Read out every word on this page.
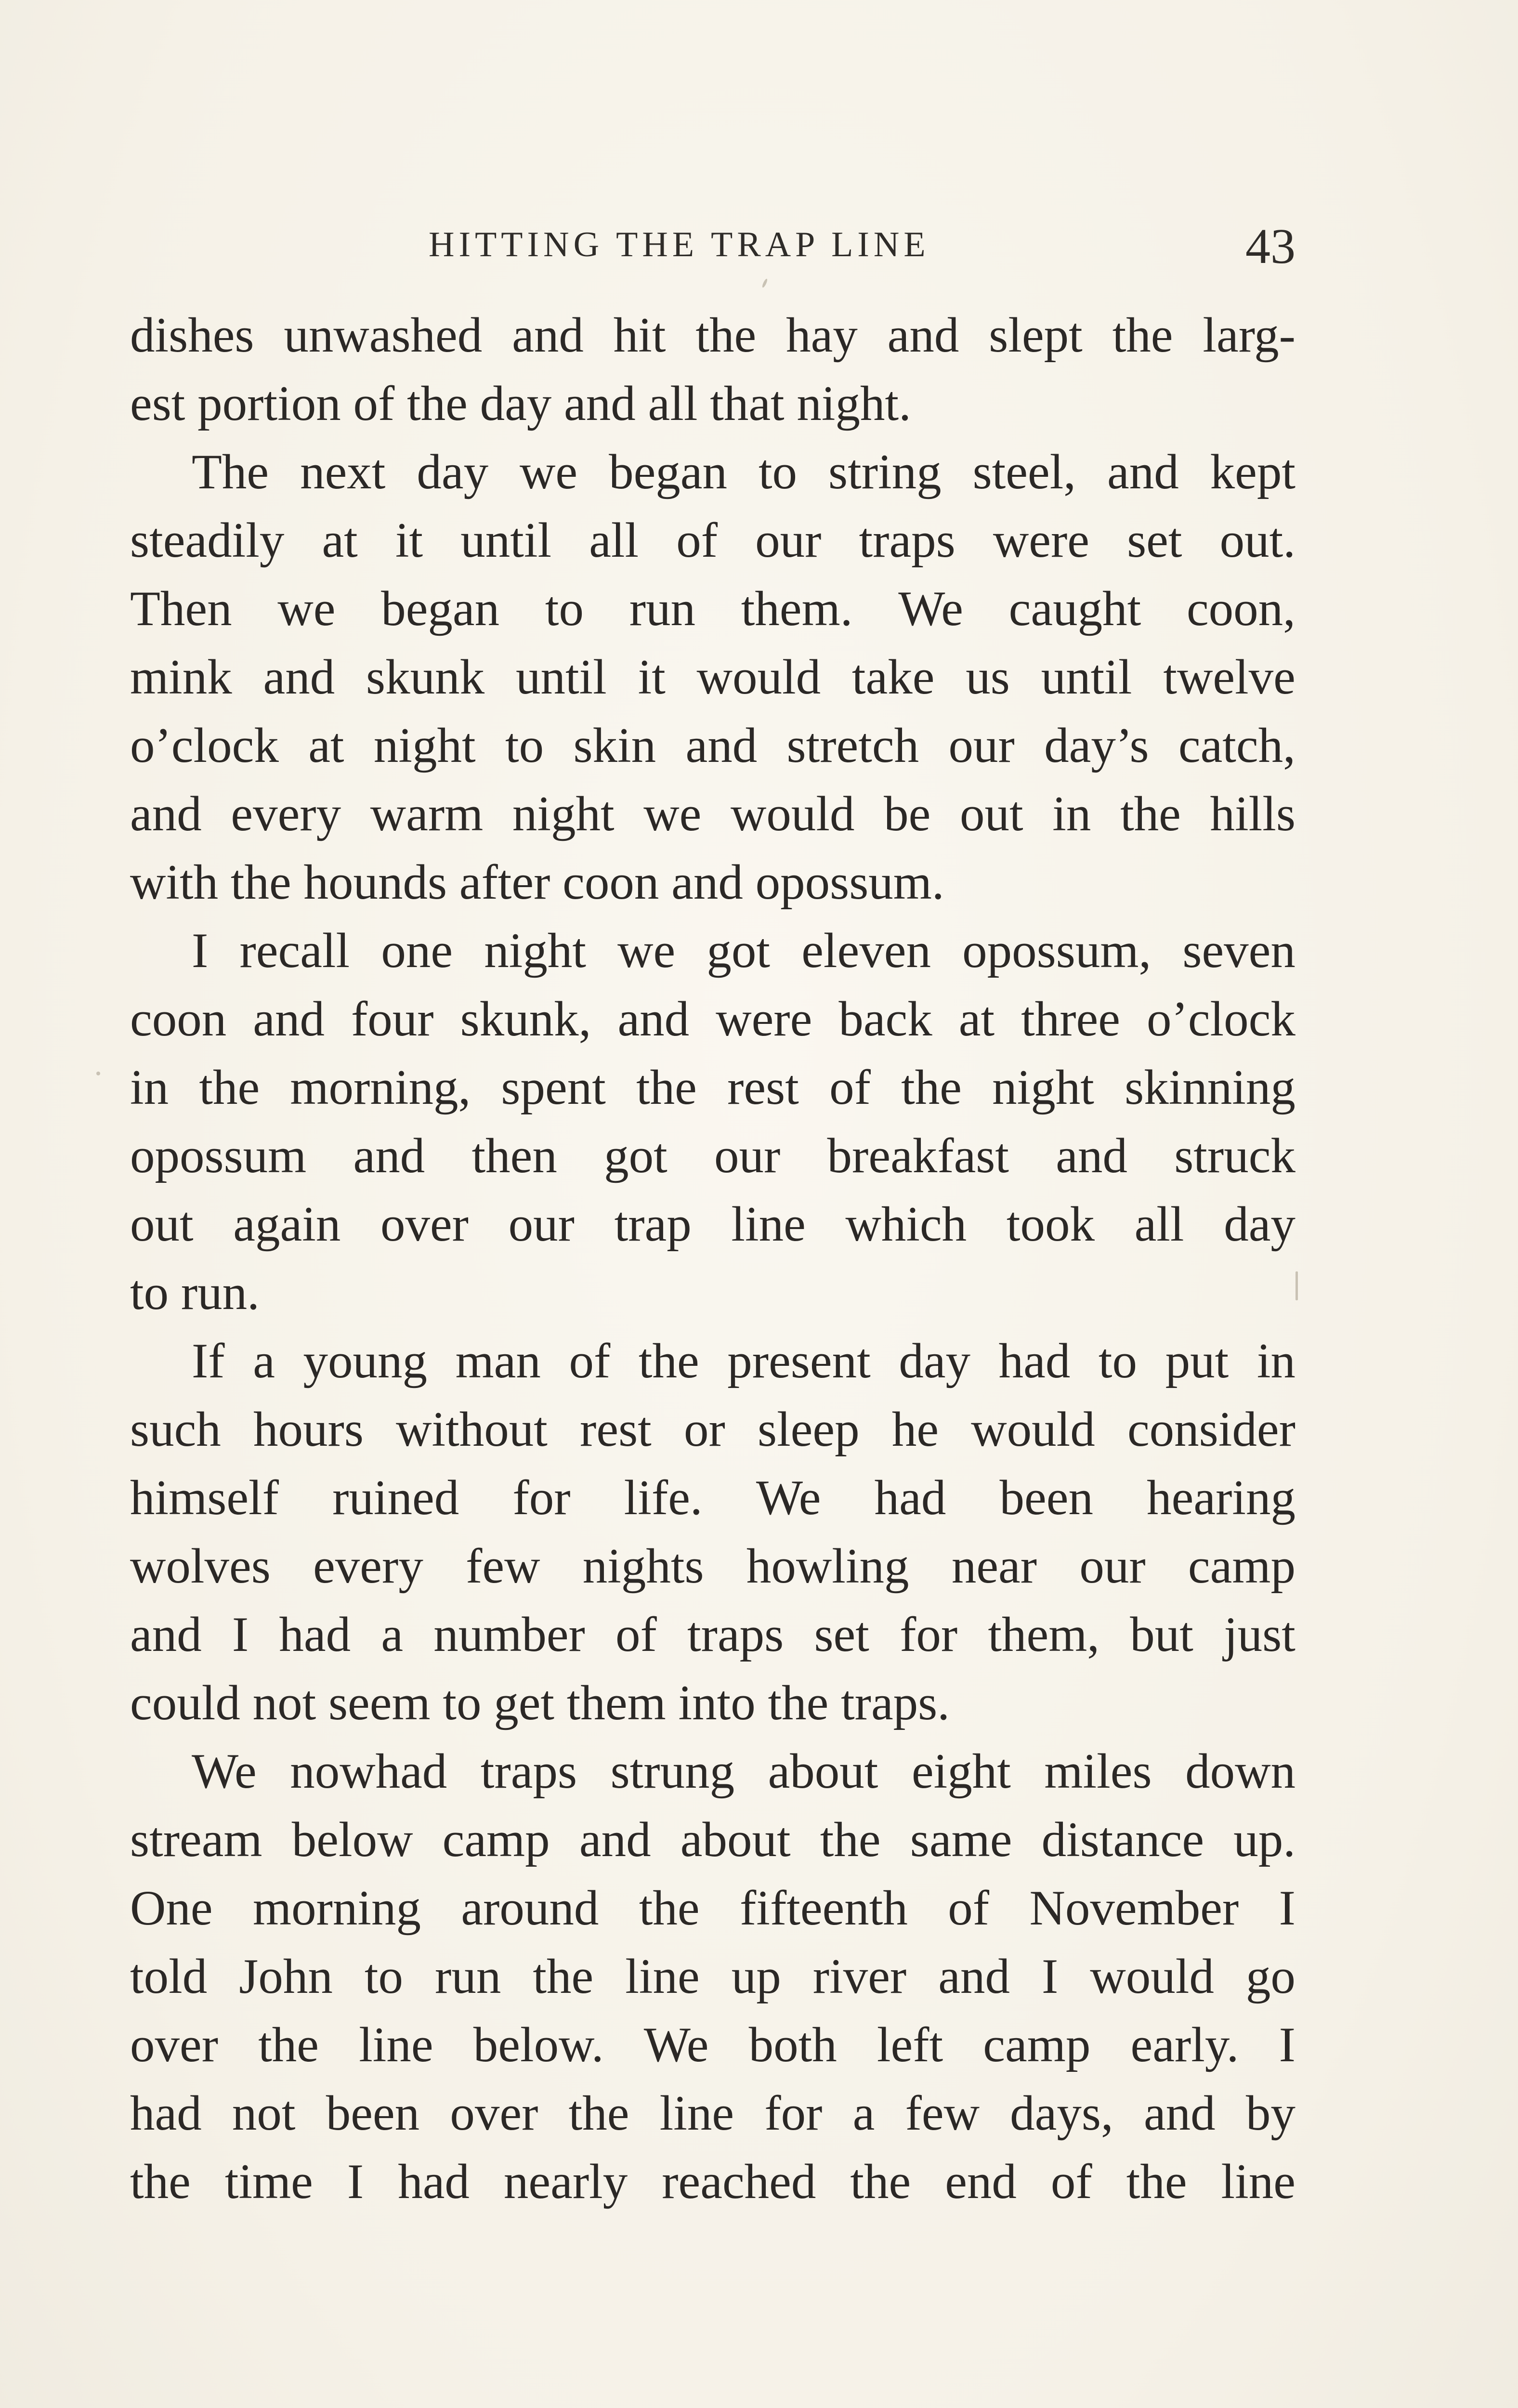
HITTING THE TRAP LINE	43
dishes unwashed and hit the hay and slept the larg-
est portion of the day and all that night.
The next day we began to string steel, and kept
steadily at it until all of our traps were set out.
Then we began to run them. We caught coon,
mink and skunk until it would take us until twelve
o’clock at night to skin and stretch our day’s catch,
and every warm night we would be out in the hills
with the hounds after coon and opossum.
I recall one night we got eleven opossum, seven
coon and four skunk, and were back at three o’clock
in the morning, spent the rest of the night skinning
opossum and then got our breakfast and struck
out again over our trap line which took all day
to run.
If a young man of the present day had to put in
such hours without rest or sleep he would consider
himself ruined for life. We had been hearing
wolves every few nights howling near our camp
and I had a number of traps set for them, but just
could not seem to get them into the traps.
We nowhad traps strung about eight miles down
stream below camp and about the same distance up.
One morning around the fifteenth of November I
told John to run the line up river and I would go
over the line below. We both left camp early. I
had not been over the line for a few days, and by
the time I had nearly reached the end of the line
